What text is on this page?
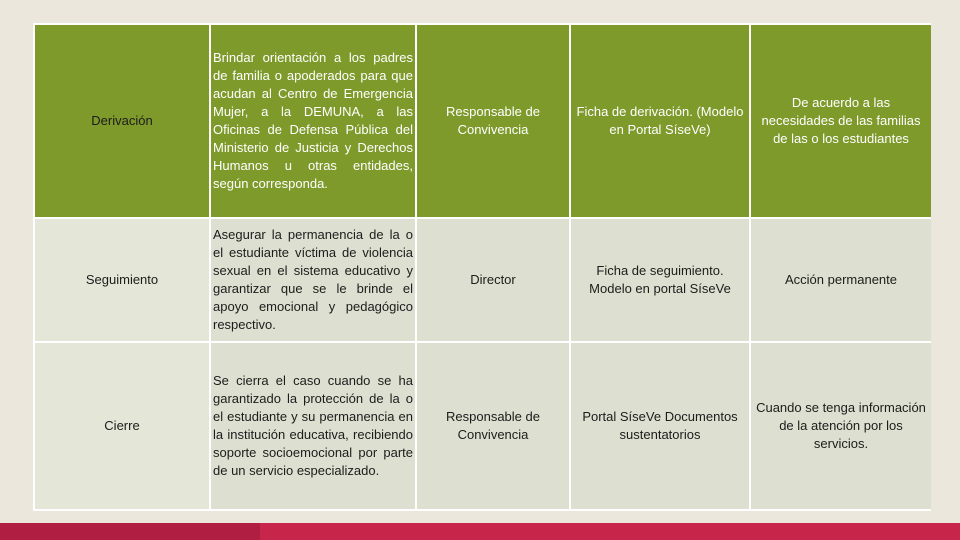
Derivación	Brindar orientación a los padres de familia o apoderados para que acudan al Centro de Emergencia Mujer, a la DEMUNA, a las Oficinas de Defensa Pública del Ministerio de Justicia y Derechos Humanos u otras entidades, según corresponda.	Responsable de Convivencia	Ficha de derivación. (Modelo en Portal SíseVe)	De acuerdo a las necesidades de las familias de las o los estudiantes
Seguimiento	Asegurar la permanencia de la o el estudiante víctima de violencia sexual en el sistema educativo y garantizar que se le brinde el apoyo emocional y pedagógico respectivo.	Director	Ficha de seguimiento. Modelo en portal SíseVe	Acción permanente
Cierre	Se cierra el caso cuando se ha garantizado la protección de la o el estudiante y su permanencia en la institución educativa, recibiendo soporte socioemocional por parte de un servicio especializado.	Responsable de Convivencia	Portal SíseVe Documentos sustentatorios	Cuando se tenga información de la atención por los servicios.
